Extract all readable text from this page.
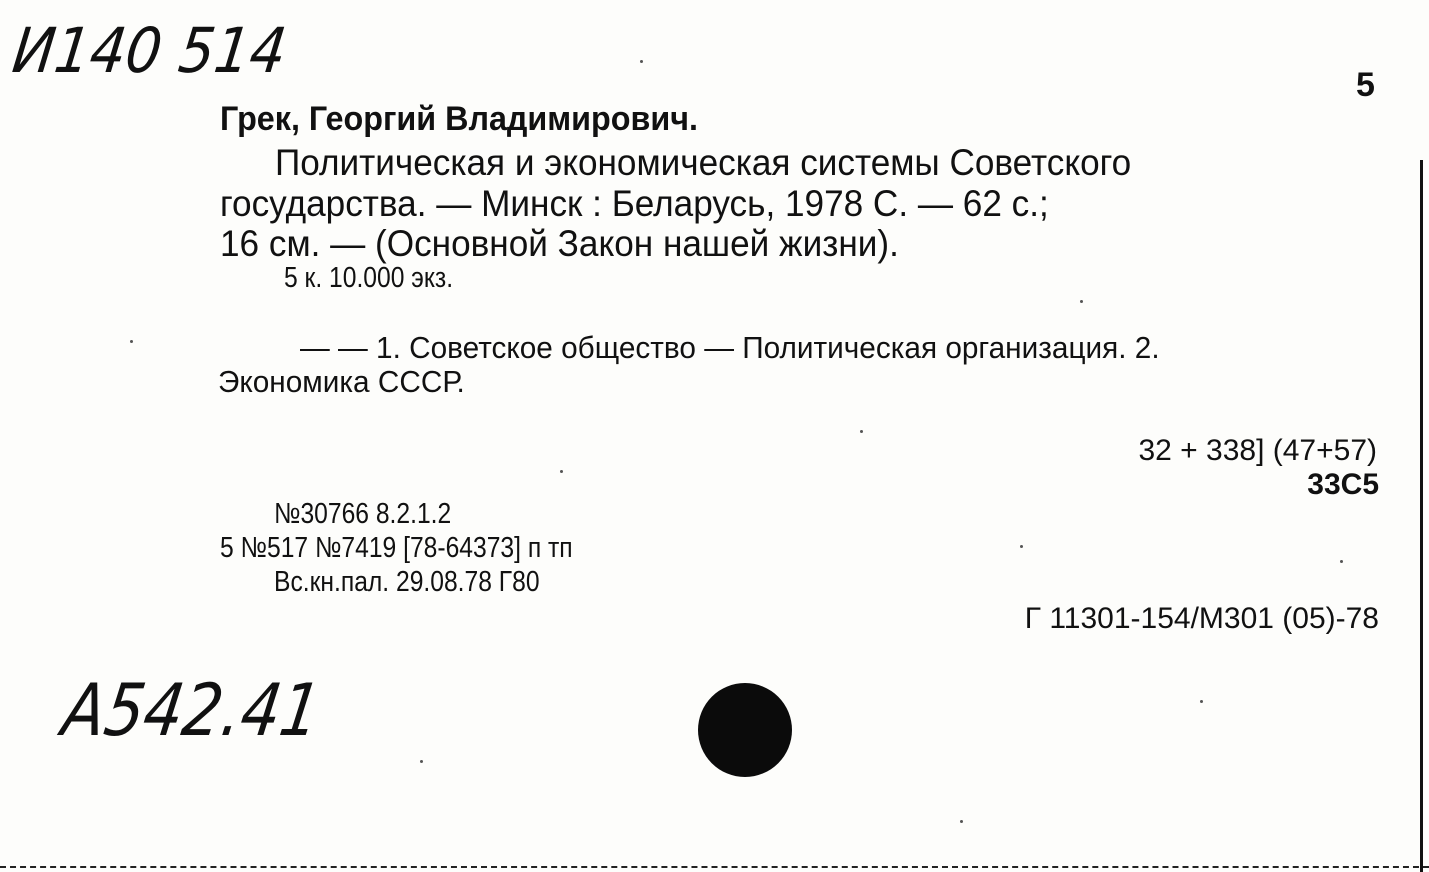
И140 514	5
Грек, Георгий Владимирович.
Политическая и экономическая системы Советского
государства. — Минск : Беларусь, 1978 С. — 62 с.;
16 см. — (Основной Закон нашей жизни).
5 к. 10.000 экз.
— — 1. Советское общество — Политическая организация. 2.
Экономика СССР.
32 + 338] (47+57)
33С5
№30766 8.2.1.2
5 №517 №7419 [78-64373] п тп
Вс.кн.пал. 29.08.78 Г80
Г 11301-154/М301 (05)-78
A542.41
